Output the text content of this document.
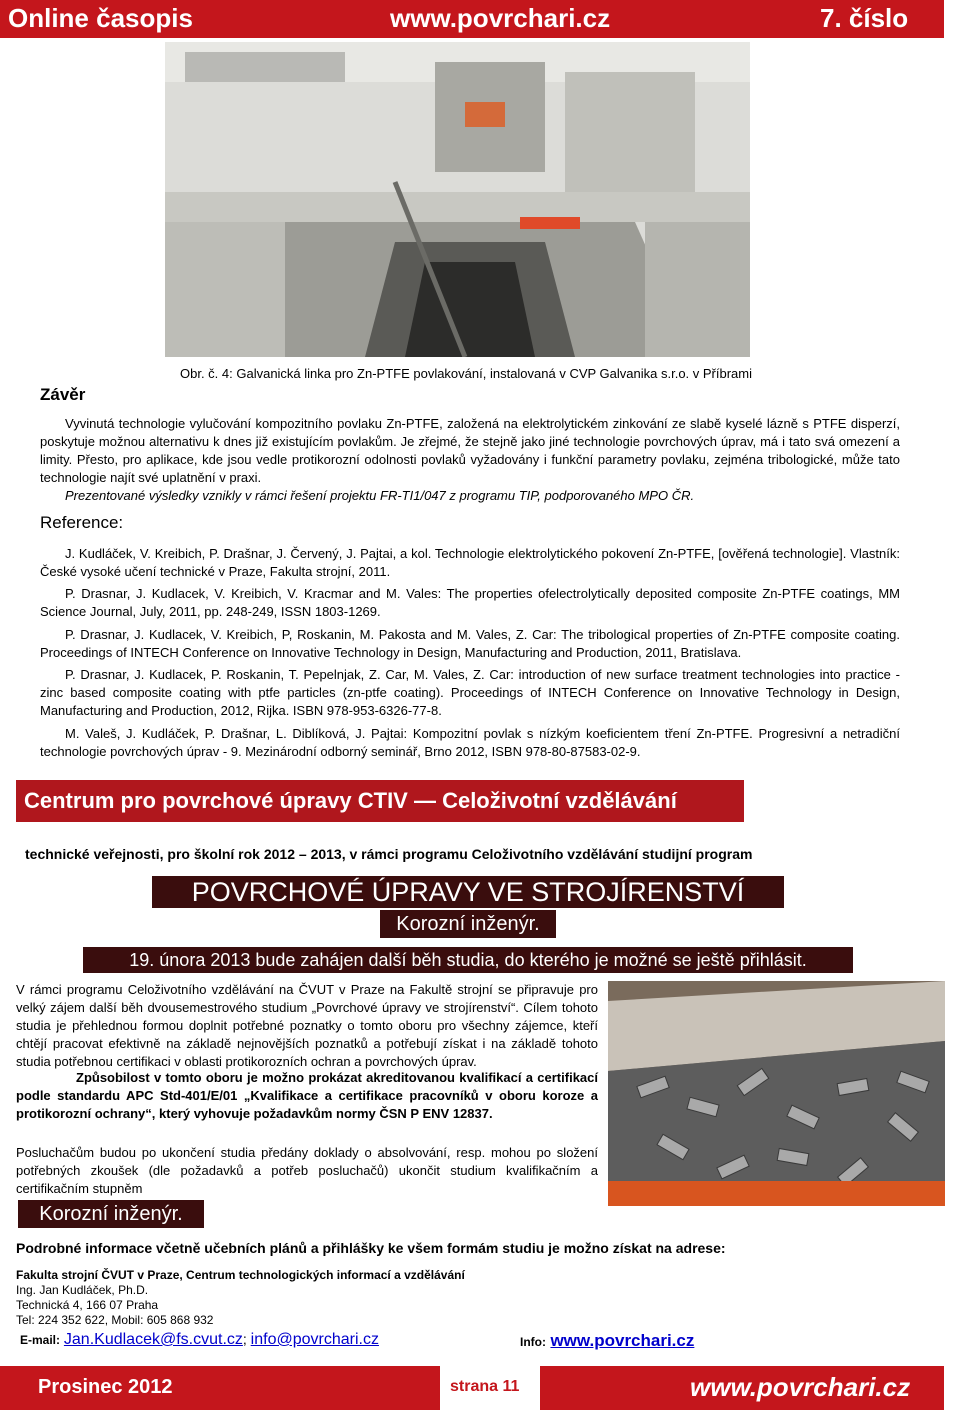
Online časopis	www.povrchari.cz	7. číslo
Závěr
Obr. č. 4: Galvanická linka pro Zn-PTFE povlakování, instalovaná v CVP Galvanika s.r.o. v Příbrami
Vyvinutá technologie vylučování kompozitního povlaku Zn-PTFE, založená na elektrolytickém zinkování ze slabě kyselé lázně s PTFE disperzí, poskytuje možnou alternativu k dnes již existujícím povlakům. Je zřejmé, že stejně jako jiné technologie povrchových úprav, má i tato svá omezení a limity. Přesto, pro aplikace, kde jsou vedle protikorozní odolnosti povlaků vyžadovány i funkční parametry povlaku, zejména tribologické, může tato technologie najít své uplatnění v praxi.
Prezentované výsledky vznikly v rámci řešení projektu FR-TI1/047 z programu TIP, podporovaného MPO ČR.
Reference:
J. Kudláček, V. Kreibich, P. Drašnar, J. Červený, J. Pajtai, a kol. Technologie elektrolytického pokovení Zn-PTFE, [ověřená technologie]. Vlastník: České vysoké učení technické v Praze, Fakulta strojní, 2011.
P. Drasnar, J. Kudlacek, V. Kreibich, V. Kracmar and M. Vales: The properties ofelectrolytically deposited composite Zn-PTFE coatings, MM Science Journal, July, 2011, pp. 248-249, ISSN 1803-1269.
P. Drasnar, J. Kudlacek, V. Kreibich, P, Roskanin, M. Pakosta and M. Vales, Z. Car: The tribological properties of Zn-PTFE composite coating. Proceedings of INTECH Conference on Innovative Technology in Design, Manufacturing and Production, 2011, Bratislava.
P. Drasnar, J. Kudlacek, P. Roskanin, T. Pepelnjak, Z. Car, M. Vales, Z. Car: introduction of new surface treatment technologies into practice - zinc based composite coating with ptfe particles (zn-ptfe coating). Proceedings of INTECH Conference on Innovative Technology in Design, Manufacturing and Production, 2012, Rijka. ISBN 978-953-6326-77-8.
M. Valeš, J. Kudláček, P. Drašnar, L. Diblíková, J. Pajtai: Kompozitní povlak s nízkým koeficientem tření Zn-PTFE. Progresivní a netradiční technologie povrchových úprav - 9. Mezinárodní odborný seminář, Brno 2012, ISBN 978-80-87583-02-9.
Centrum pro povrchové úpravy CTIV — Celoživotní vzdělávání
technické veřejnosti, pro školní rok 2012 – 2013, v rámci programu Celoživotního vzdělávání studijní program
POVRCHOVÉ ÚPRAVY VE STROJÍRENSTVÍ
Korozní inženýr.
19. února 2013 bude zahájen další běh studia, do kterého je možné se ještě přihlásit.
V rámci programu Celoživotního vzdělávání na ČVUT v Praze na Fakultě strojní se připravuje pro velký zájem další běh dvousemestrového studium „Povrchové úpravy ve strojírenství“. Cílem tohoto studia je přehlednou formou doplnit potřebné poznatky o tomto oboru pro všechny zájemce, kteří chtějí pracovat efektivně na základě nejnovějších poznatků a potřebují získat i na základě tohoto studia potřebnou certifikaci v oblasti protikorozních ochran a povrchových úprav.
Způsobilost v tomto oboru je možno prokázat akreditovanou kvalifikací a certifikací podle standardu APC Std-401/E/01 „Kvalifikace a certifikace pracovníků v oboru koroze a protikorozní ochrany“, který vyhovuje požadavkům normy ČSN P ENV 12837.
Posluchačům budou po ukončení studia předány doklady o absolvování, resp. mohou po složení potřebných zkoušek (dle požadavků a potřeb posluchačů) ukončit studium kvalifikačním a certifikačním stupněm
Korozní inženýr.
Podrobné informace včetně učebních plánů a přihlášky ke všem formám studiu je možno získat na adrese:
Fakulta strojní ČVUT v Praze, Centrum technologických informací a vzdělávání
Ing. Jan Kudláček, Ph.D.
Technická 4, 166 07 Praha
Tel: 224 352 622, Mobil: 605 868 932
E-mail: Jan.Kudlacek@fs.cvut.cz; info@povrchari.cz	Info: www.povrchari.cz
Prosinec 2012	strana 11	www.povrchari.cz
